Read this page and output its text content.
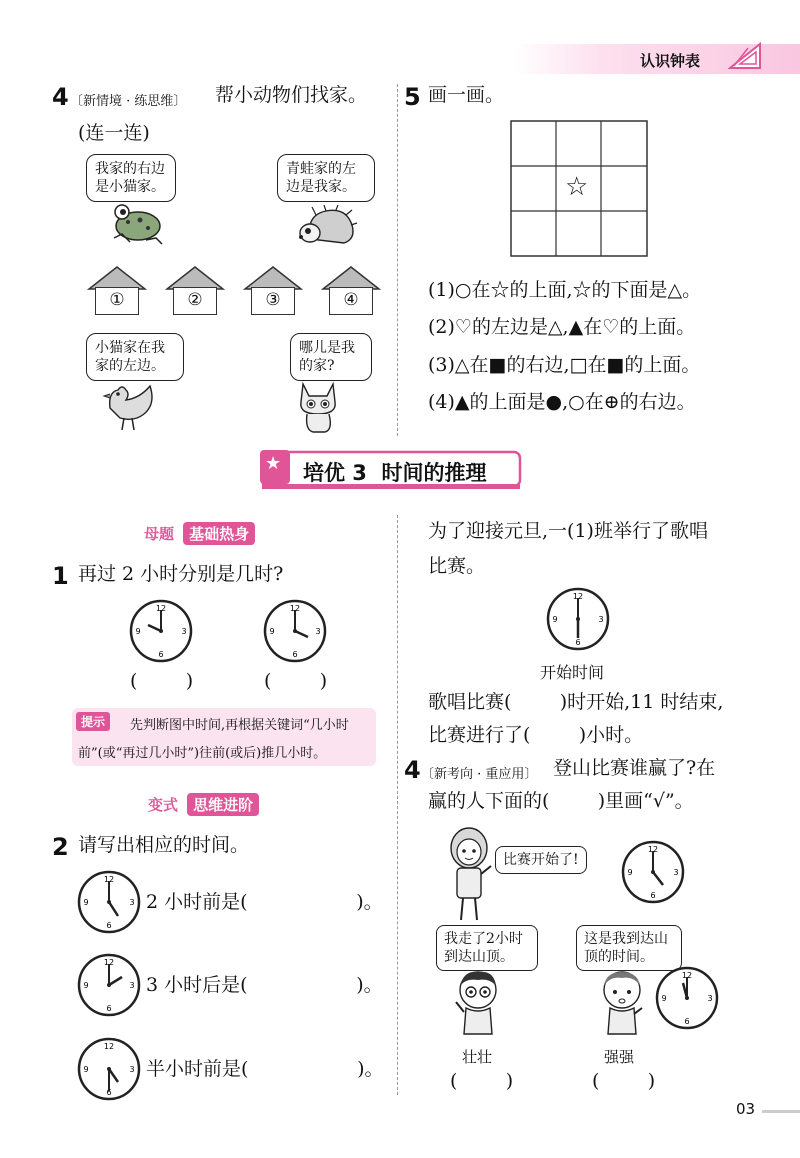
认识钟表
4 〔新情境 · 练思维〕 帮小动物们找家。
(连一连)
我家的右边是小猫家。
青蛙家的左边是我家。
①	②	③	④
小猫家在我家的左边。
哪儿是我的家?
5 画一画。
☆
(1)○在☆的上面,☆的下面是△。
(2)♡的左边是△,▲在♡的上面。
(3)△在■的右边,□在■的上面。
(4)▲的上面是●,○在⊕的右边。
★ 培优 3  时间的推理
母题 基础热身
1 再过 2 小时分别是几时?
12
3
6
9
12
3
6
9
(        )	(        )
提示	先判断图中时间,再根据关键词“几小时
前”(或“再过几小时”)往前(或后)推几小时。
变式 思维进阶
2 请写出相应的时间。
12
3
6
9	2 小时前是(                  )。
12
3
6
9	3 小时后是(                  )。
12
3
6
9	半小时前是(                  )。
为了迎接元旦,一(1)班举行了歌唱
比赛。
12
3
6
9
开始时间
歌唱比赛(        )时开始,11 时结束,
比赛进行了(        )小时。
4 〔新考向 · 重应用〕 登山比赛谁赢了?在
赢的人下面的(        )里画“√”。
比赛开始了!
12
3
6
9
我走了2小时到达山顶。
这是我到达山顶的时间。
壮壮	强强
12
3
6
9
(        )	(        )
03
